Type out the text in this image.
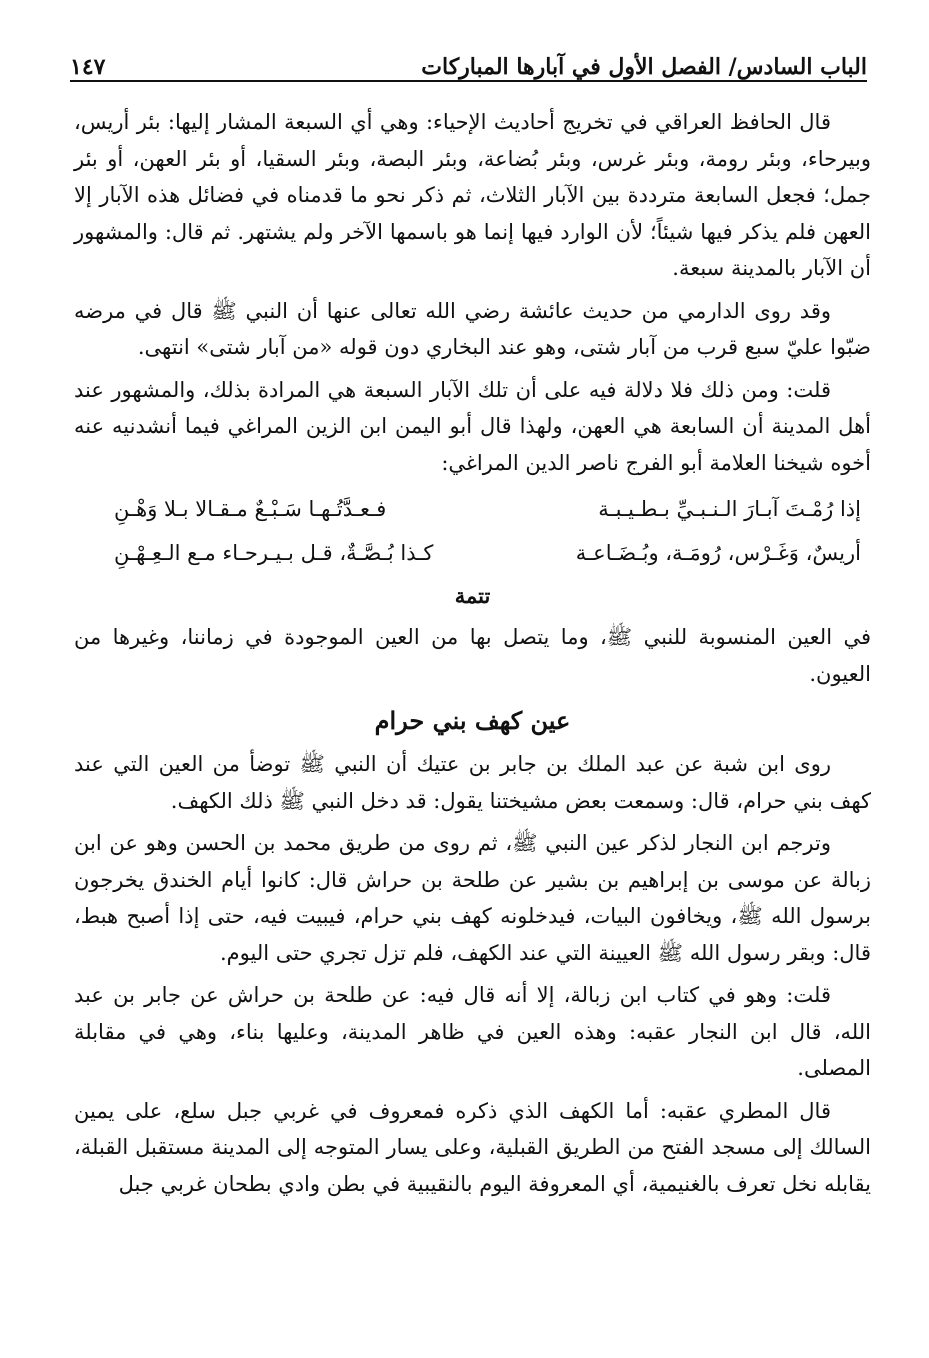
الباب السادس/ الفصل الأول في آبارها المباركات
١٤٧

قال الحافظ العراقي في تخريج أحاديث الإحياء: وهي أي السبعة المشار إليها: بئر أريس، وبيرحاء، وبئر رومة، وبئر غرس، وبئر بُضاعة، وبئر البصة، وبئر السقيا، أو بئر العهن، أو بئر جمل؛ فجعل السابعة مترددة بين الآبار الثلاث، ثم ذكر نحو ما قدمناه في فضائل هذه الآبار إلا العهن فلم يذكر فيها شيئاً؛ لأن الوارد فيها إنما هو باسمها الآخر ولم يشتهر. ثم قال: والمشهور أن الآبار بالمدينة سبعة.

وقد روى الدارمي من حديث عائشة رضي الله تعالى عنها أن النبي ﷺ قال في مرضه ضبّوا عليّ سبع قرب من آبار شتى، وهو عند البخاري دون قوله «من آبار شتى» انتهى.

قلت: ومن ذلك فلا دلالة فيه على أن تلك الآبار السبعة هي المرادة بذلك، والمشهور عند أهل المدينة أن السابعة هي العهن، ولهذا قال أبو اليمن ابن الزين المراغي فيما أنشدنيه عنه أخوه شيخنا العلامة أبو الفرج ناصر الدين المراغي:

إذا رُمْـتَ آبـارَ الـنـبـيِّ بـطـيـبـة
فـعـدَّتُـهـا سَـبْـعٌ مـقـالا بـلا وَهْـنِ
أريسٌ، وَغَـرْس، رُومَـة، وبُـضَـاعـة
كـذا بُـصَّـةٌ، قـل بـيـرحـاء مـع الـعِـهْـنِ
تتمة

في العين المنسوبة للنبي ﷺ، وما يتصل بها من العين الموجودة في زماننا، وغيرها من العيون.

عين كهف بني حرام

روى ابن شبة عن عبد الملك بن جابر بن عتيك أن النبي ﷺ توضأ من العين التي عند كهف بني حرام، قال: وسمعت بعض مشيختنا يقول: قد دخل النبي ﷺ ذلك الكهف.

وترجم ابن النجار لذكر عين النبي ﷺ، ثم روى من طريق محمد بن الحسن وهو عن ابن زبالة عن موسى بن إبراهيم بن بشير عن طلحة بن حراش قال: كانوا أيام الخندق يخرجون برسول الله ﷺ، ويخافون البيات، فيدخلونه كهف بني حرام، فيبيت فيه، حتى إذا أصبح هبط، قال: وبقر رسول الله ﷺ العيينة التي عند الكهف، فلم تزل تجري حتى اليوم.

قلت: وهو في كتاب ابن زبالة، إلا أنه قال فيه: عن طلحة بن حراش عن جابر بن عبد الله، قال ابن النجار عقبه: وهذه العين في ظاهر المدينة، وعليها بناء، وهي في مقابلة المصلى.

قال المطري عقبه: أما الكهف الذي ذكره فمعروف في غربي جبل سلع، على يمين السالك إلى مسجد الفتح من الطريق القبلية، وعلى يسار المتوجه إلى المدينة مستقبل القبلة، يقابله نخل تعرف بالغنيمية، أي المعروفة اليوم بالنقيبية في بطن وادي بطحان غربي جبل
